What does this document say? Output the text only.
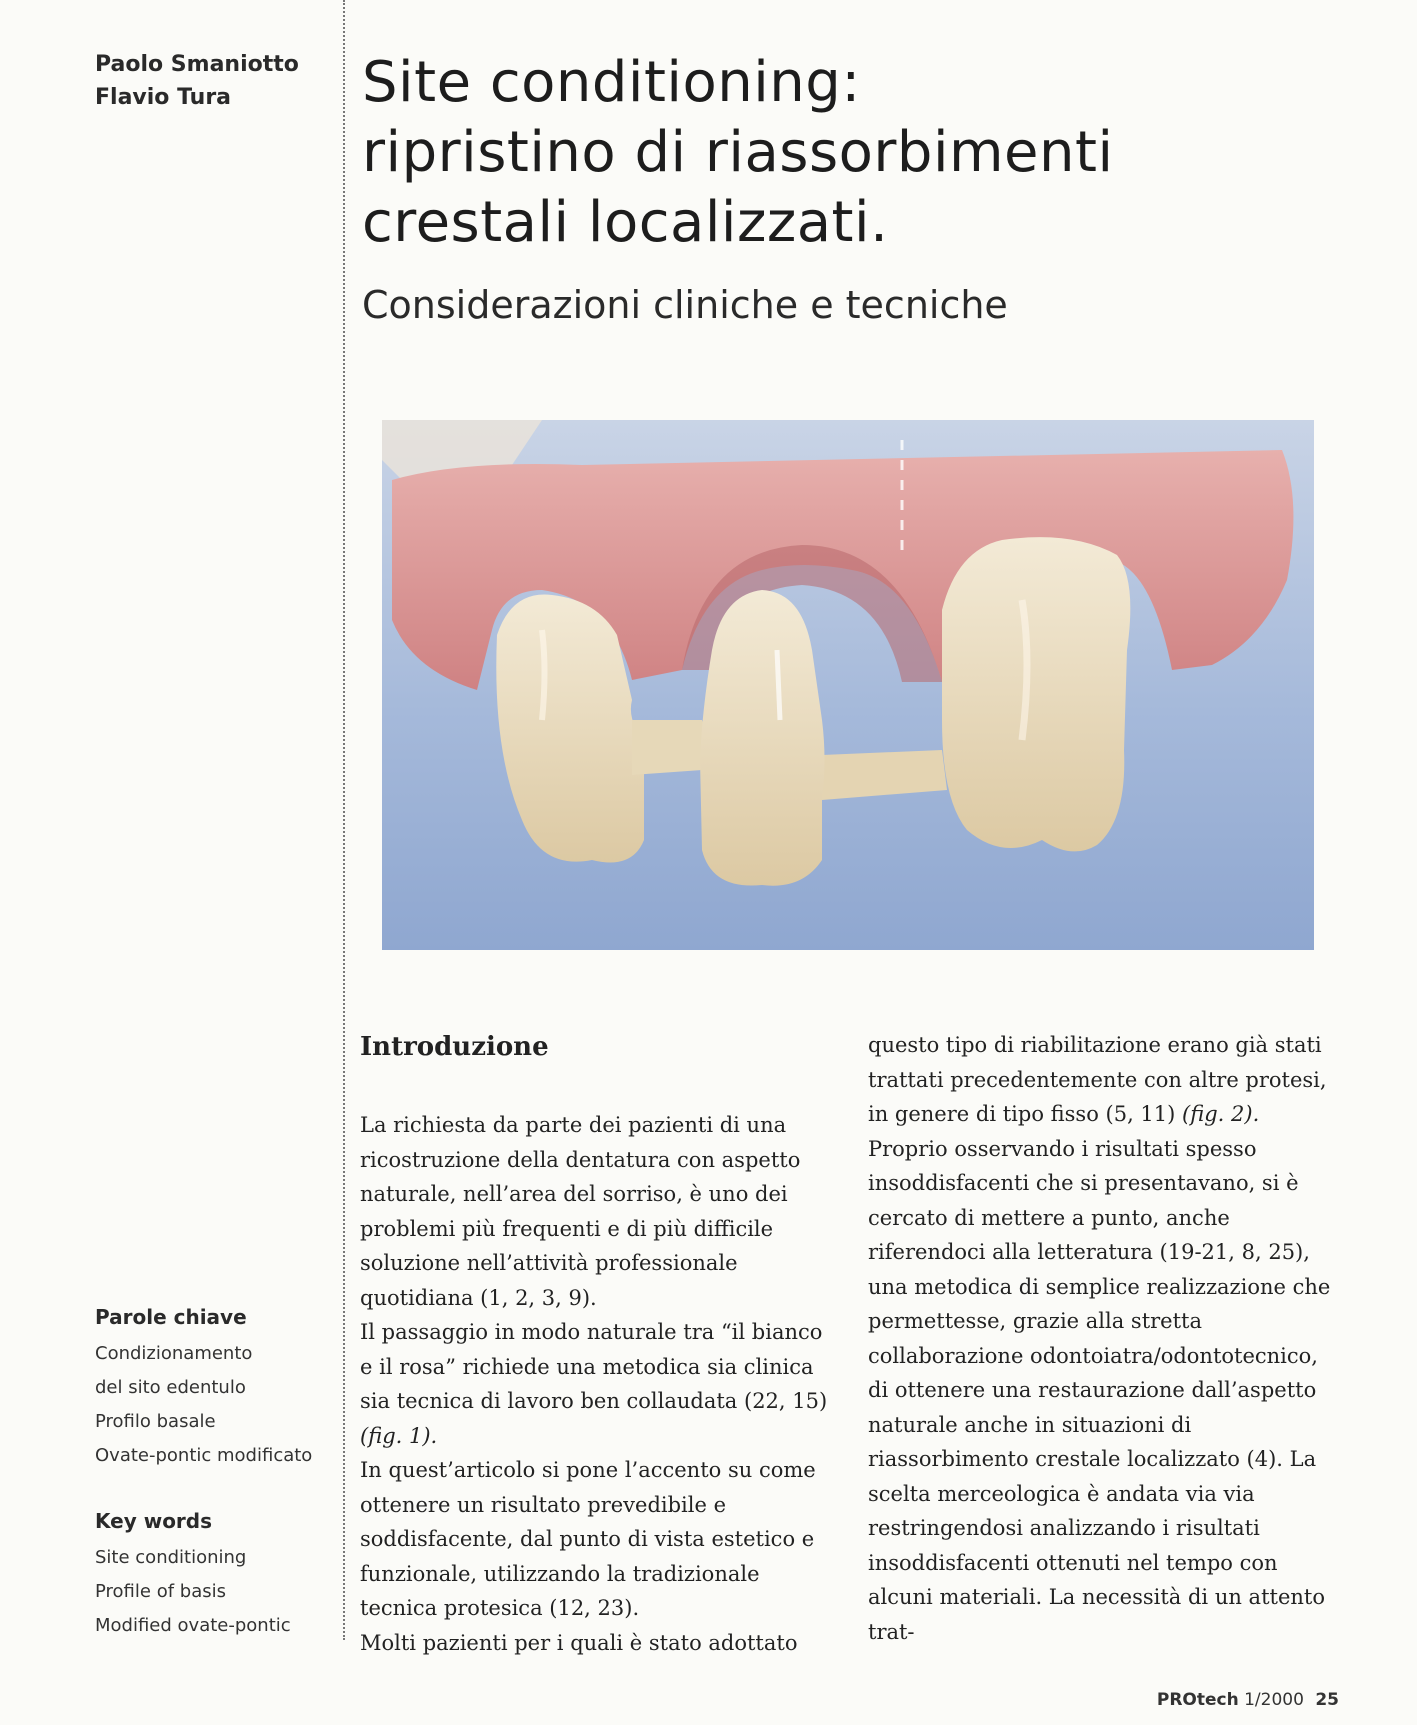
Paolo Smaniotto
Flavio Tura
Parole chiave
Condizionamento
del sito edentulo
Profilo basale
Ovate-pontic modificato
Key words
Site conditioning
Profile of basis
Modified ovate-pontic
Site conditioning:
ripristino di riassorbimenti
crestali localizzati.
Considerazioni cliniche e tecniche
Introduzione

La richiesta da parte dei pazienti di una ricostruzione della dentatura con aspetto naturale, nell’area del sorriso, è uno dei problemi più frequenti e di più difficile soluzione nell’attività professionale quotidiana (1, 2, 3, 9).

Il passaggio in modo naturale tra “il bianco e il rosa” richiede una metodica sia clinica sia tecnica di lavoro ben collaudata (22, 15) (fig. 1).

In quest’articolo si pone l’accento su come ottenere un risultato prevedibile e soddisfacente, dal punto di vista estetico e funzionale, utilizzando la tradizionale tecnica protesica (12, 23).

Molti pazienti per i quali è stato adottato

questo tipo di riabilitazione erano già stati trattati precedentemente con altre protesi, in genere di tipo fisso (5, 11) (fig. 2).

Proprio osservando i risultati spesso insoddisfacenti che si presentavano, si è cercato di mettere a punto, anche riferendoci alla letteratura (19-21, 8, 25), una metodica di semplice realizzazione che permettesse, grazie alla stretta collaborazione odontoiatra/odontotecnico, di ottenere una restaurazione dall’aspetto naturale anche in situazioni di riassorbimento crestale localizzato (4). La scelta merceologica è andata via via restringendosi analizzando i risultati insoddisfacenti ottenuti nel tempo con alcuni materiali. La necessità di un attento trat-

PROtech 1/2000 25
